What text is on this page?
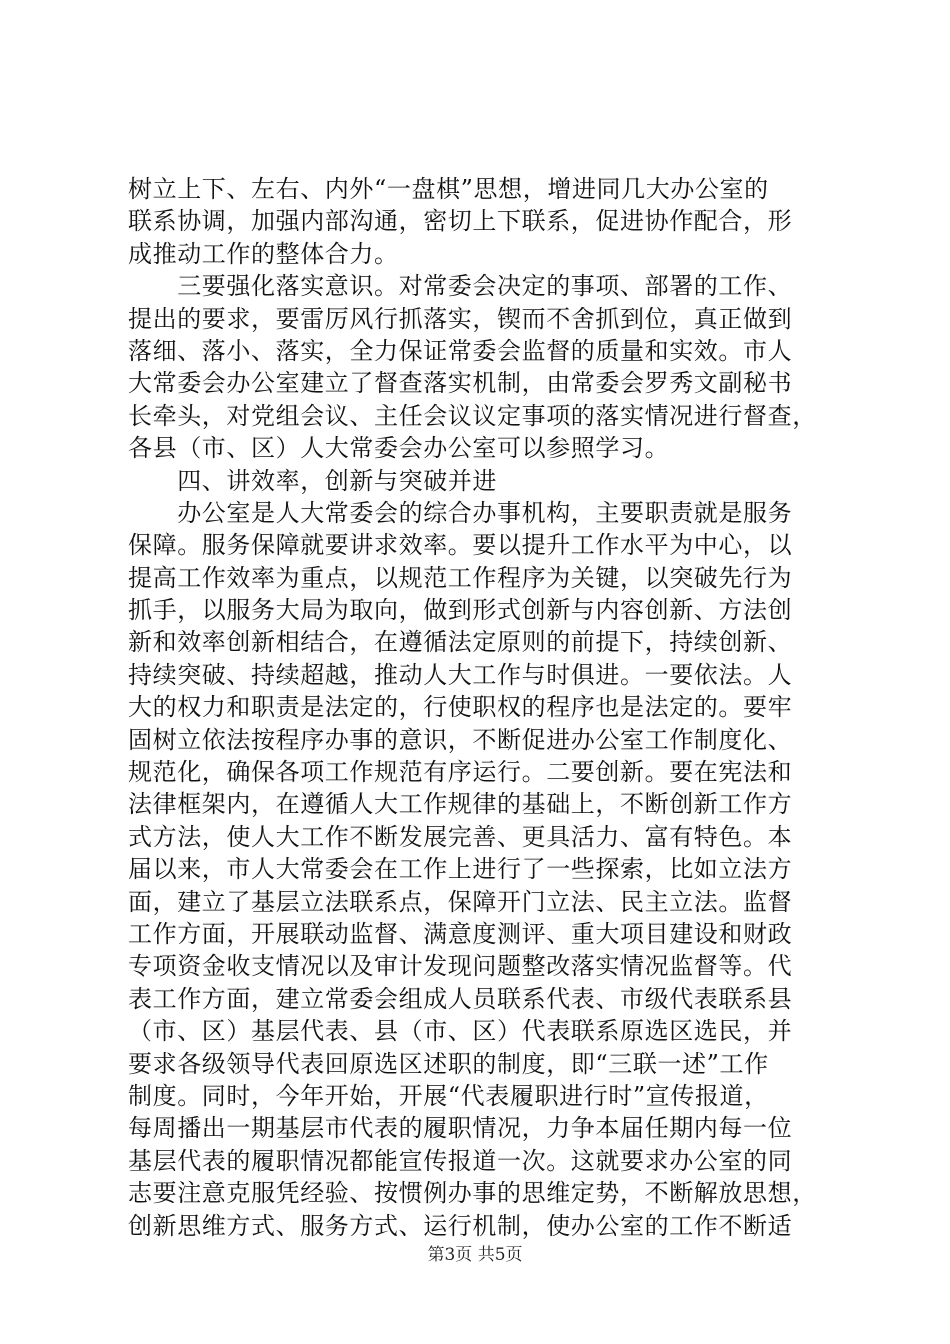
树立上下、左右、内外“一盘棋”思想，增进同几大办公室的
联系协调，加强内部沟通，密切上下联系，促进协作配合，形
成推动工作的整体合力。
　　三要强化落实意识。对常委会决定的事项、部署的工作、
提出的要求，要雷厉风行抓落实，锲而不舍抓到位，真正做到
落细、落小、落实，全力保证常委会监督的质量和实效。市人
大常委会办公室建立了督查落实机制，由常委会罗秀文副秘书
长牵头，对党组会议、主任会议议定事项的落实情况进行督查，
各县（市、区）人大常委会办公室可以参照学习。
　　四、讲效率，创新与突破并进
　　办公室是人大常委会的综合办事机构，主要职责就是服务
保障。服务保障就要讲求效率。要以提升工作水平为中心，以
提高工作效率为重点，以规范工作程序为关键，以突破先行为
抓手，以服务大局为取向，做到形式创新与内容创新、方法创
新和效率创新相结合，在遵循法定原则的前提下，持续创新、
持续突破、持续超越，推动人大工作与时俱进。一要依法。人
大的权力和职责是法定的，行使职权的程序也是法定的。要牢
固树立依法按程序办事的意识，不断促进办公室工作制度化、
规范化，确保各项工作规范有序运行。二要创新。要在宪法和
法律框架内，在遵循人大工作规律的基础上，不断创新工作方
式方法，使人大工作不断发展完善、更具活力、富有特色。本
届以来，市人大常委会在工作上进行了一些探索，比如立法方
面，建立了基层立法联系点，保障开门立法、民主立法。监督
工作方面，开展联动监督、满意度测评、重大项目建设和财政
专项资金收支情况以及审计发现问题整改落实情况监督等。代
表工作方面，建立常委会组成人员联系代表、市级代表联系县
（市、区）基层代表、县（市、区）代表联系原选区选民，并
要求各级领导代表回原选区述职的制度，即“三联一述”工作
制度。同时，今年开始，开展“代表履职进行时”宣传报道，
每周播出一期基层市代表的履职情况，力争本届任期内每一位
基层代表的履职情况都能宣传报道一次。这就要求办公室的同
志要注意克服凭经验、按惯例办事的思维定势，不断解放思想，
创新思维方式、服务方式、运行机制，使办公室的工作不断适
第3页 共5页
